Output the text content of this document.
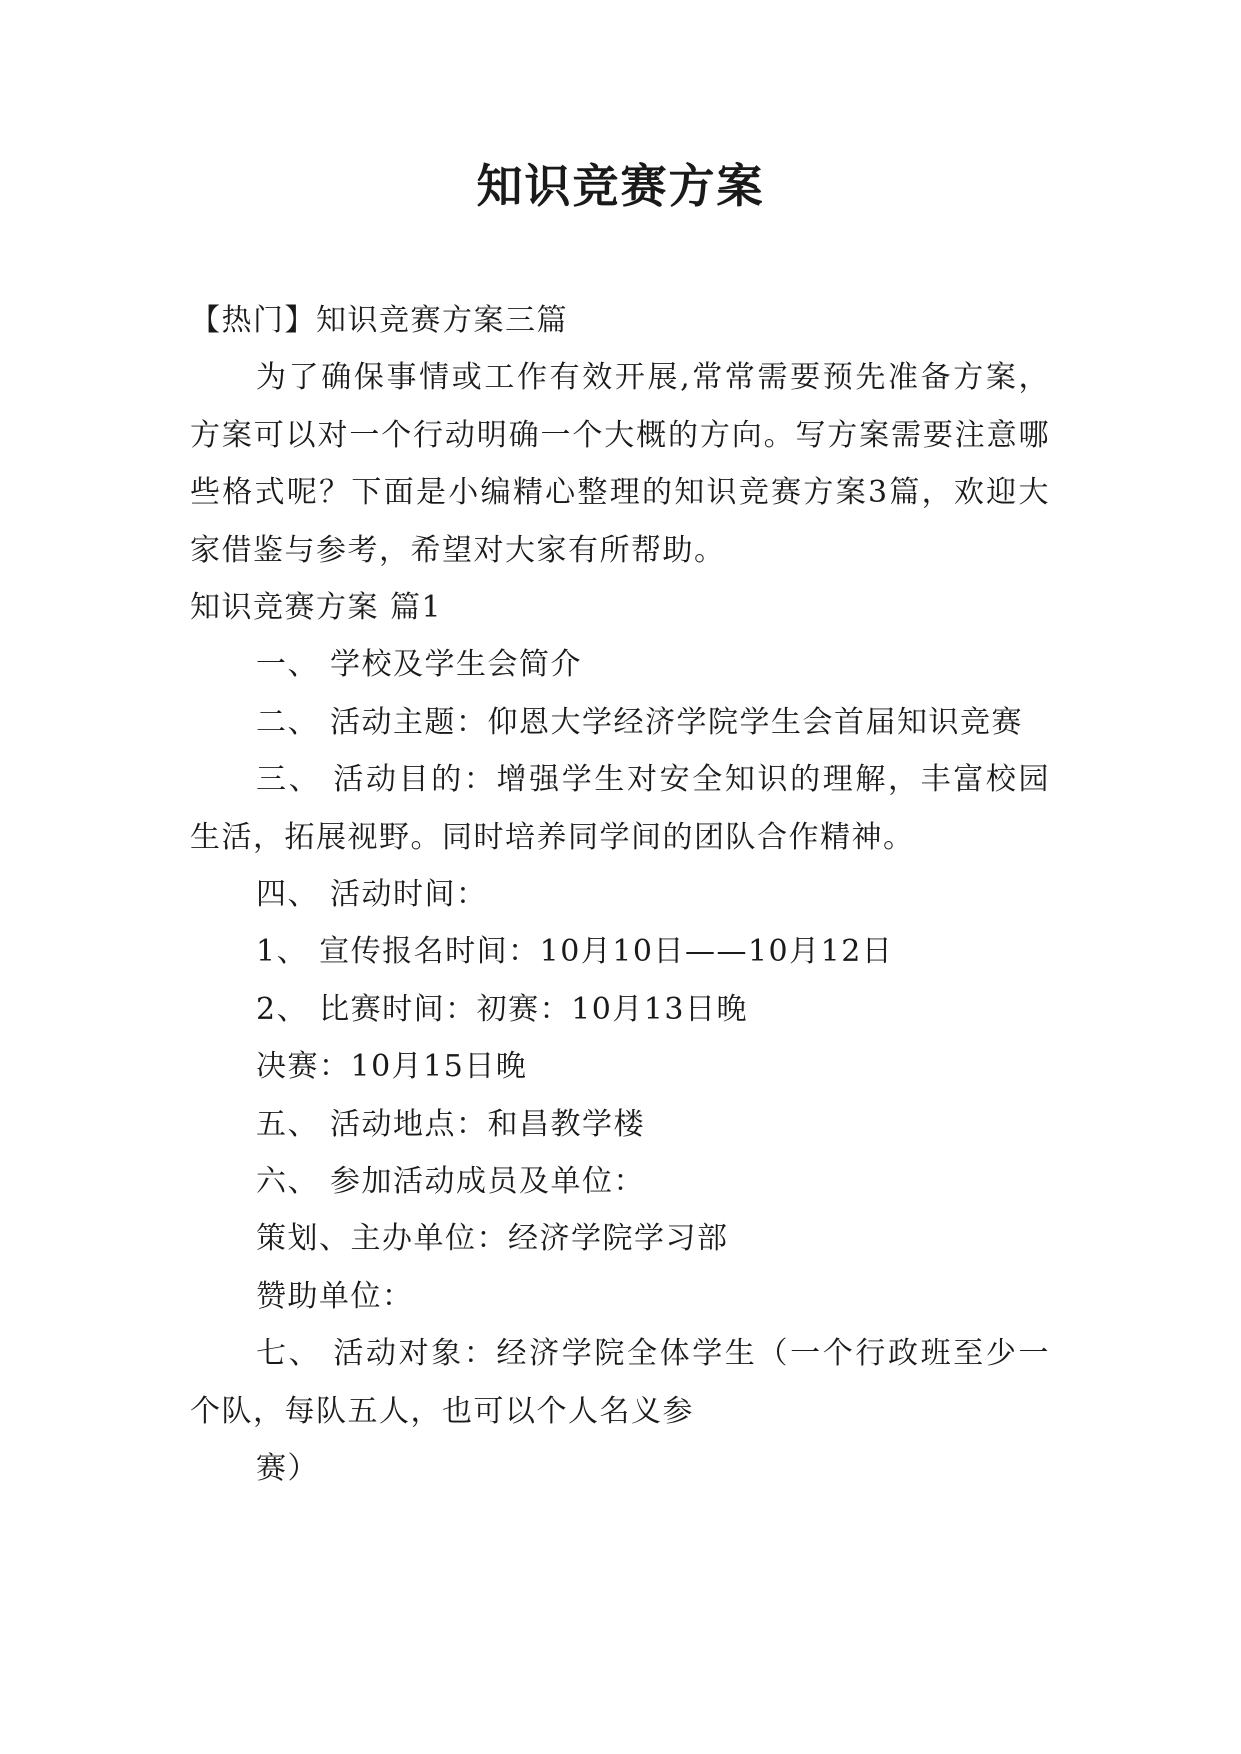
知识竞赛方案
【热门】知识竞赛方案三篇

为了确保事情或工作有效开展,常常需要预先准备方案，方案可以对一个行动明确一个大概的方向。写方案需要注意哪些格式呢？下面是小编精心整理的知识竞赛方案3篇，欢迎大家借鉴与参考，希望对大家有所帮助。

知识竞赛方案 篇1
一、 学校及学生会简介

二、 活动主题：仰恩大学经济学院学生会首届知识竞赛

三、 活动目的：增强学生对安全知识的理解，丰富校园生活，拓展视野。同时培养同学间的团队合作精神。

四、 活动时间：
1、 宣传报名时间：10月10日——10月12日
2、 比赛时间：初赛：10月13日晚
决赛：10月15日晚
五、 活动地点：和昌教学楼
六、 参加活动成员及单位：
策划、主办单位：经济学院学习部
赞助单位：

七、 活动对象：经济学院全体学生（一个行政班至少一个队，每队五人，也可以个人名义参

赛）
